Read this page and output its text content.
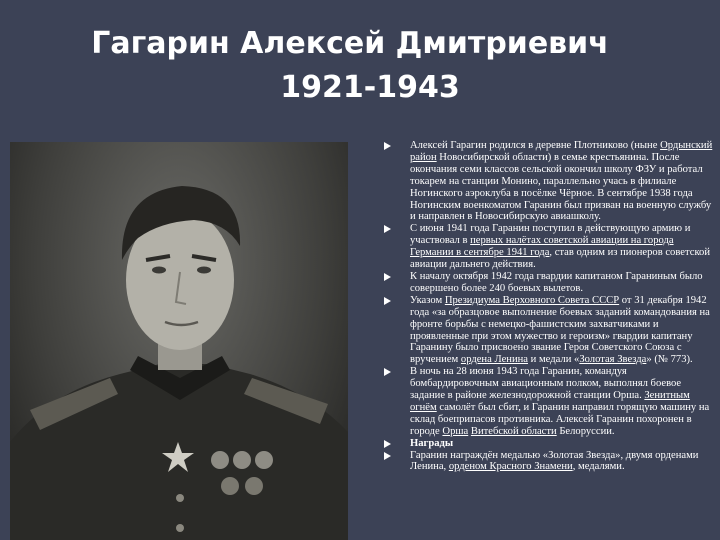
Гагарин Алексей Дмитриевич
1921-1943
Алексей Гарагин родился в деревне Плотниково (ныне Ордынский район Новосибирской области) в семье крестьянина. После окончания семи классов сельской окончил школу ФЗУ и работал токарем на станции Монино, параллельно учась в филиале Ногинского аэроклуба в посёлке Чёрное. В сентябре 1938 года Ногинским военкоматом Гаранин был призван на военную службу и направлен в Новосибирскую авиашколу.
С июня 1941 года Гаранин поступил в действующую армию и участвовал в первых налётах советской авиации на города Германии в сентябре 1941 года, став одним из пионеров советской авиации дальнего действия.
К началу октября 1942 года гвардии капитаном Гараниным было совершено более 240 боевых вылетов.
Указом Президиума Верховного Совета СССР от 31 декабря 1942 года «за образцовое выполнение боевых заданий командования на фронте борьбы с немецко-фашистским захватчиками и проявленные при этом мужество и героизм» гвардии капитану Гаранину было присвоено звание Героя Советского Союза с вручением ордена Ленина и медали «Золотая Звезда» (№ 773).
В ночь на 28 июня 1943 года Гаранин, командуя бомбардировочным авиационным полком, выполнял боевое задание в районе железнодорожной станции Орша. Зенитным огнём самолёт был сбит, и Гаранин направил горящую машину на склад боеприпасов противника. Алексей Гаранин похоронен в городе Орша Витебской области Белоруссии.
Награды
Гаранин награждён медалью «Золотая Звезда», двумя орденами Ленина, орденом Красного Знамени, медалями.
